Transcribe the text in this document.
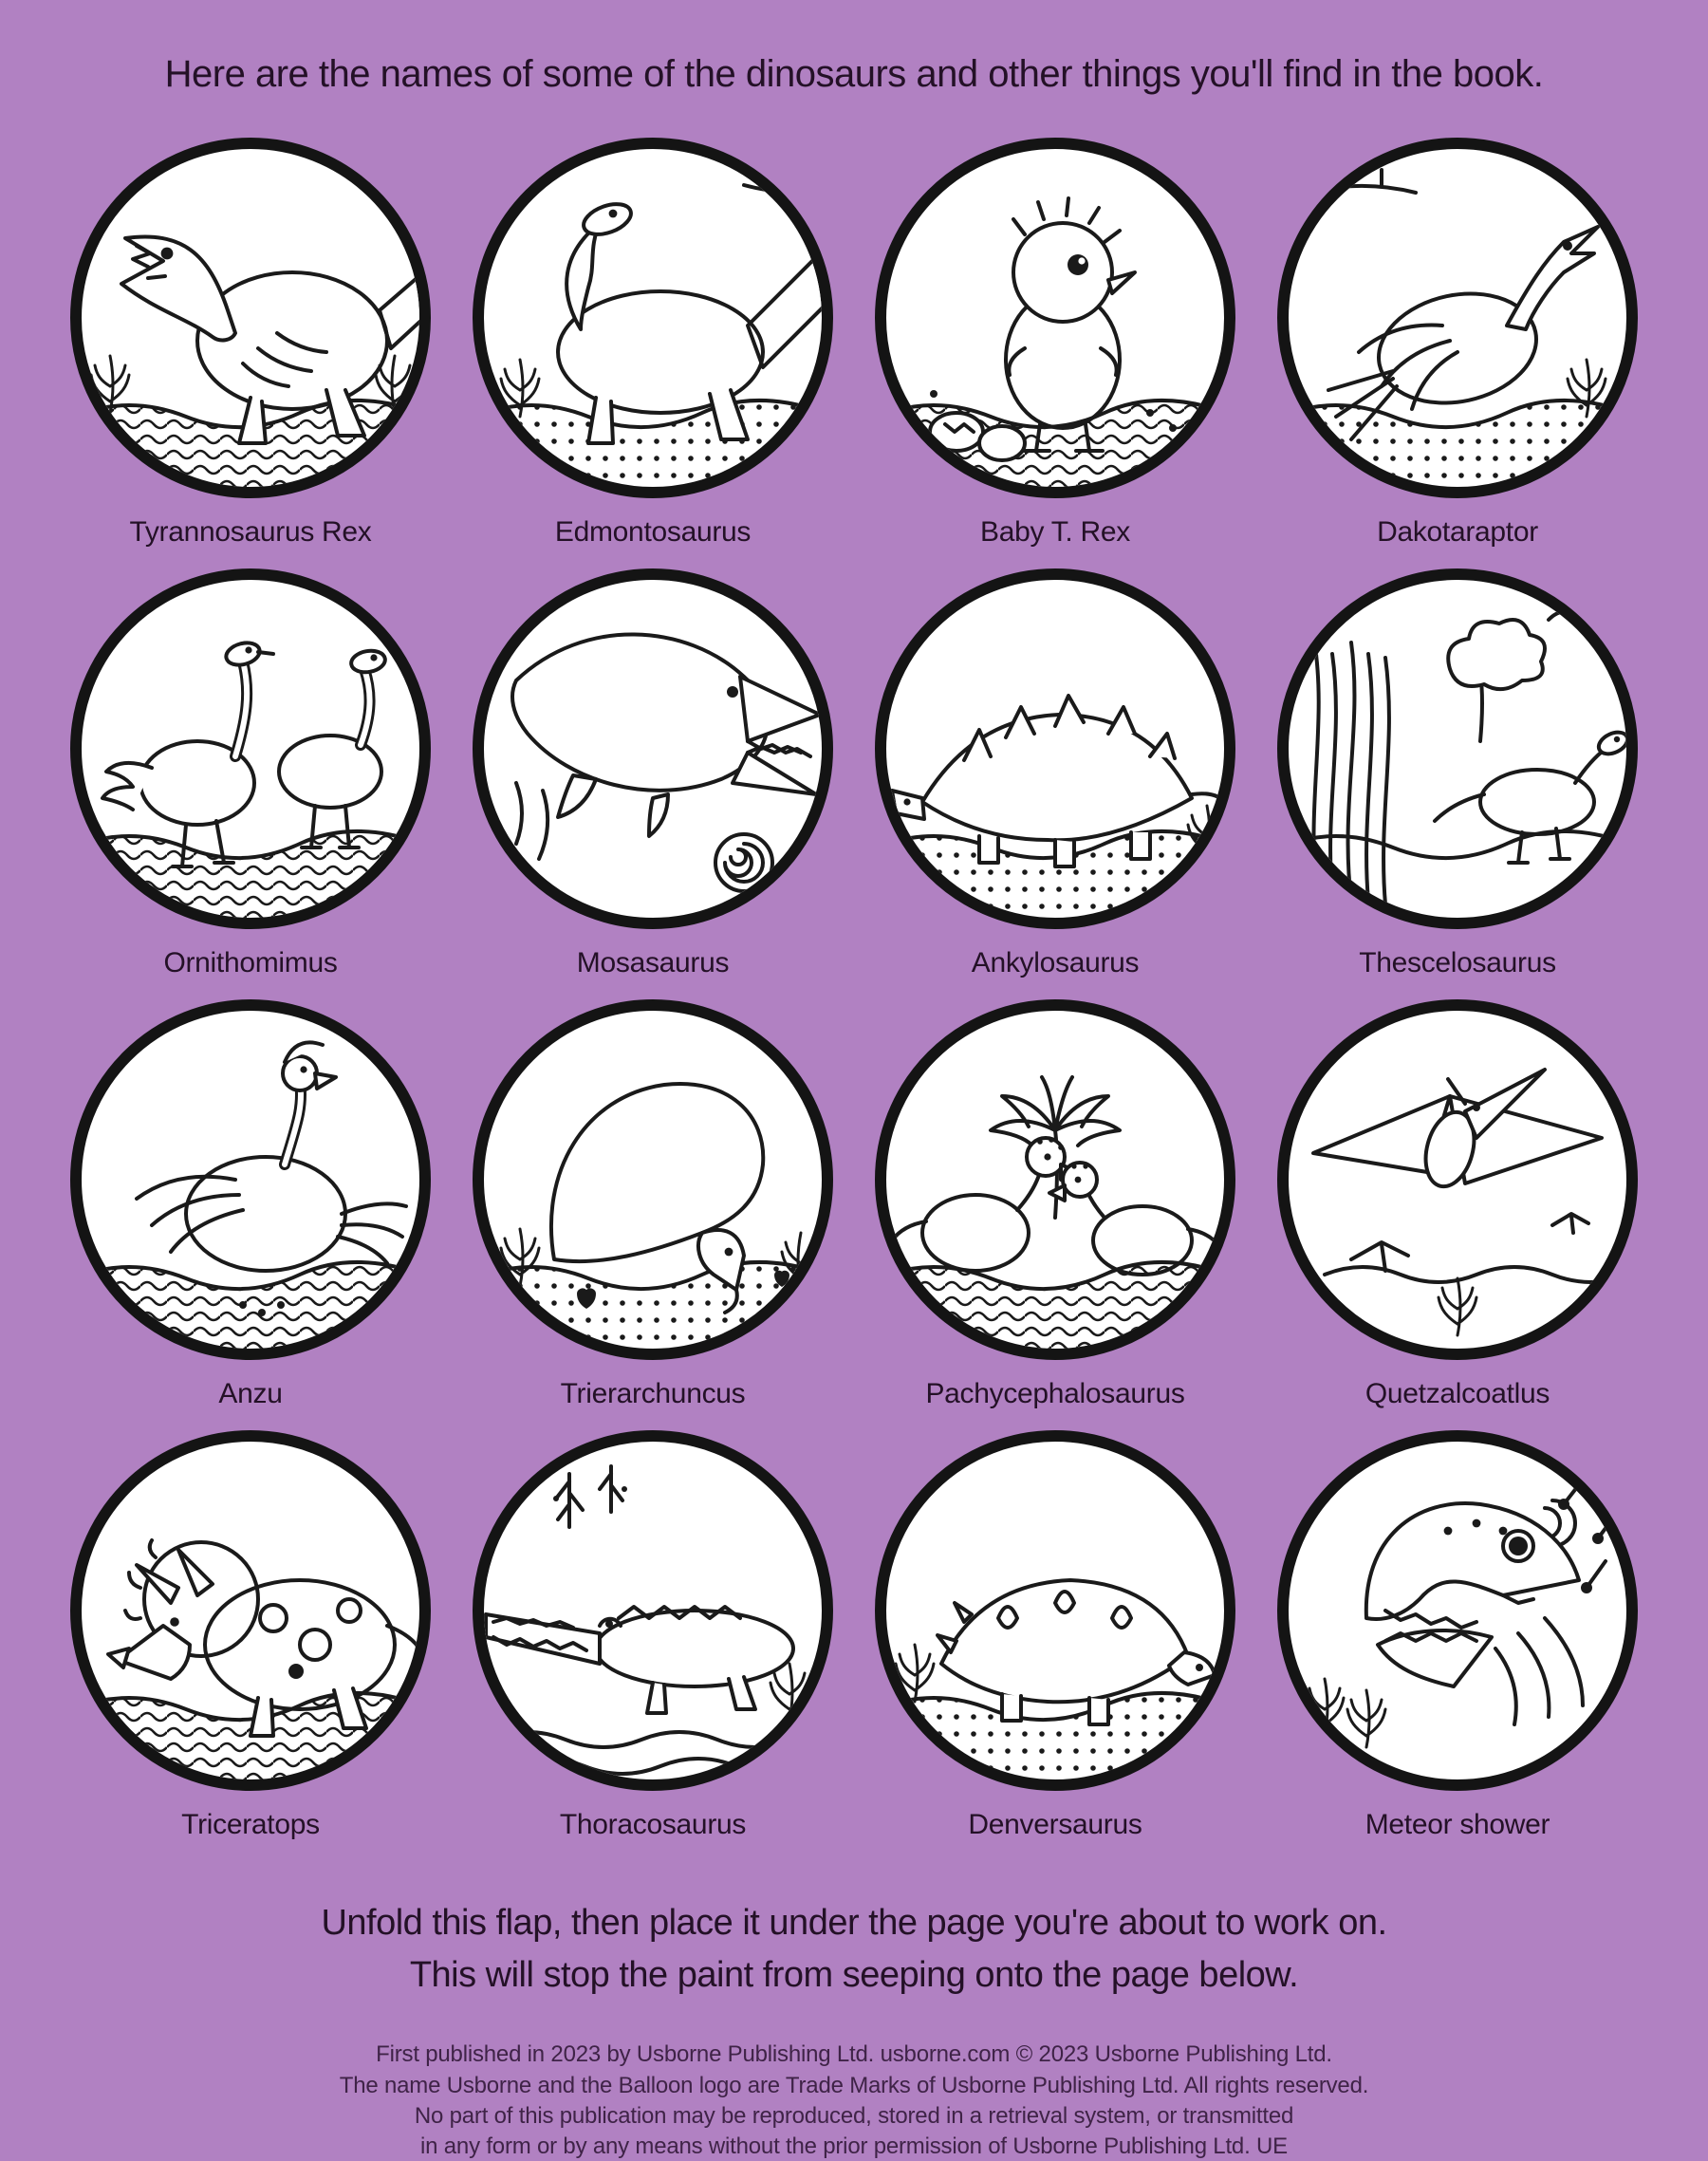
Here are the names of some of the dinosaurs and other things you'll find in the book.
Tyrannosaurus Rex	Edmontosaurus	Baby T. Rex	Dakotaraptor
Ornithomimus	Mosasaurus	Ankylosaurus	Thescelosaurus
Anzu	Trierarchuncus	Pachycephalosaurus	Quetzalcoatlus
Triceratops	Thoracosaurus	Denversaurus	Meteor shower
Unfold this flap, then place it under the page you're about to work on.
This will stop the paint from seeping onto the page below.
First published in 2023 by Usborne Publishing Ltd. usborne.com © 2023 Usborne Publishing Ltd.
The name Usborne and the Balloon logo are Trade Marks of Usborne Publishing Ltd. All rights reserved.
No part of this publication may be reproduced, stored in a retrieval system, or transmitted
in any form or by any means without the prior permission of Usborne Publishing Ltd. UE
